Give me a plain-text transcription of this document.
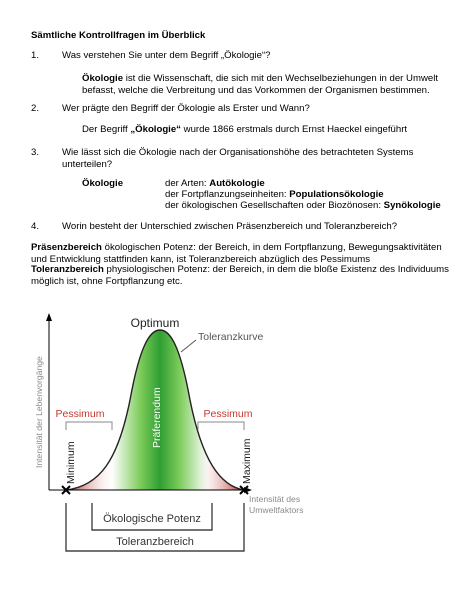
Sämtliche Kontrollfragen im Überblick
1.	Was verstehen Sie unter dem Begriff „Ökologie“?
Ökologie ist die Wissenschaft, die sich mit den Wechselbeziehungen in der Umwelt befasst, welche die Verbreitung und das Vorkommen der Organismen bestimmen.
2.	Wer prägte den Begriff der Ökologie als Erster und Wann?
Der Begriff „Ökologie“ wurde 1866 erstmals durch Ernst Haeckel eingeführt
3.	Wie lässt sich die Ökologie nach der Organisationshöhe des betrachteten Systems unterteilen?
Ökologie	der Arten: Autökologie
der Fortpflanzungseinheiten: Populationsökologie
der ökologischen Gesellschaften oder Biozönosen: Synökologie
4.	Worin besteht der Unterschied zwischen Präsenzbereich und Toleranzbereich?
Präsenzbereich ökologischen Potenz: der Bereich, in dem Fortpflanzung, Bewegungsaktivitäten und Entwicklung stattfinden kann, ist Toleranzbereich abzüglich des Pessimums
Toleranzbereich physiologischen Potenz: der Bereich, in dem die bloße Existenz des Individuums möglich ist, ohne Fortpflanzung etc.
Optimum
Toleranzkurve
Pessimum	Pessimum
Präferendum
Minimum	Maximum
Intensität der Lebenvorgänge
Intensität des
Umweltfaktors
Ökologische Potenz
Toleranzbereich
